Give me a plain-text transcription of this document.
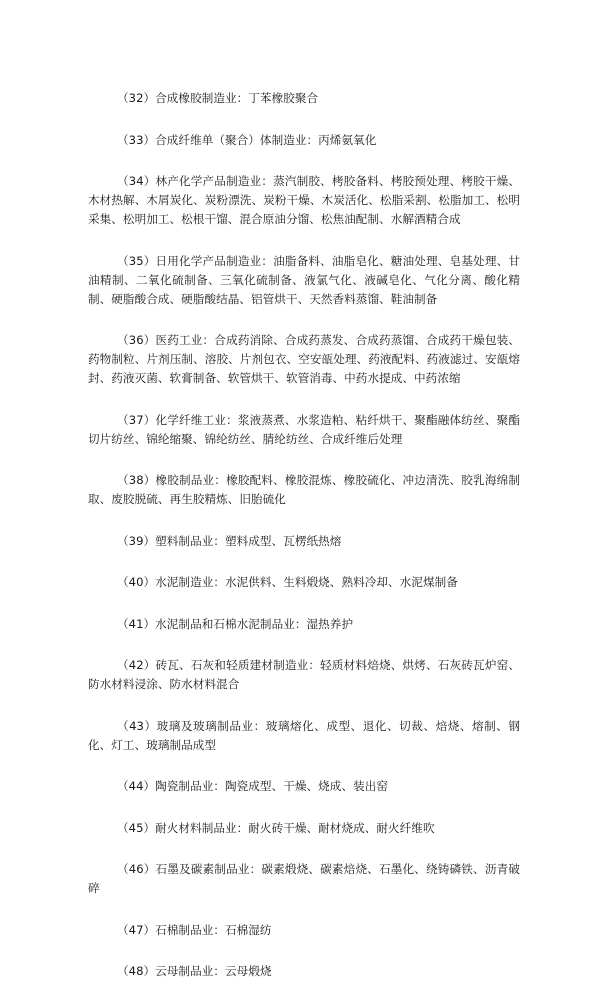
（32）合成橡胶制造业：丁苯橡胶聚合

（33）合成纤维单（聚合）体制造业：丙烯氨氧化

（34）林产化学产品制造业：蒸汽制胶、栲胶备料、栲胶预处理、栲胶干燥、木材热解、木屑炭化、炭粉漂洗、炭粉干燥、木炭活化、松脂采割、松脂加工、松明采集、松明加工、松根干馏、混合原油分馏、松焦油配制、水解酒精合成

（35）日用化学产品制造业：油脂备料、油脂皂化、糖油处理、皂基处理、甘油精制、二氧化硫制备、三氧化硫制备、液氯气化、液碱皂化、气化分离、酸化精制、硬脂酸合成、硬脂酸结晶、铝管烘干、天然香料蒸馏、鞋油制备

（36）医药工业：合成药消除、合成药蒸发、合成药蒸馏、合成药干燥包装、药物制粒、片剂压制、溶胶、片剂包衣、空安瓿处理、药液配料、药液滤过、安瓿熔封、药液灭菌、软膏制备、软管烘干、软管消毒、中药水提成、中药浓缩

（37）化学纤维工业：浆液蒸煮、水浆造粕、粘纤烘干、聚酯融体纺丝、聚酯切片纺丝、锦纶缩聚、锦纶纺丝、腈纶纺丝、合成纤维后处理

（38）橡胶制品业：橡胶配料、橡胶混炼、橡胶硫化、冲边清洗、胶乳海绵制取、废胶脱硫、再生胶精炼、旧胎硫化

（39）塑料制品业：塑料成型、瓦楞纸热熔

（40）水泥制造业：水泥供料、生料煅烧、熟料冷却、水泥煤制备

（41）水泥制品和石棉水泥制品业：湿热养护

（42）砖瓦、石灰和轻质建材制造业：轻质材料焙烧、烘烤、石灰砖瓦炉窑、防水材料浸涂、防水材料混合

（43）玻璃及玻璃制品业：玻璃熔化、成型、退化、切裁、焙烧、熔制、钢化、灯工、玻璃制品成型

（44）陶瓷制品业：陶瓷成型、干燥、烧成、装出窑

（45）耐火材料制品业：耐火砖干燥、耐材烧成、耐火纤维吹

（46）石墨及碳素制品业：碳素煅烧、碳素焙烧、石墨化、绕铸磷铁、沥青破碎

（47）石棉制品业：石棉湿纺

（48）云母制品业：云母煅烧
